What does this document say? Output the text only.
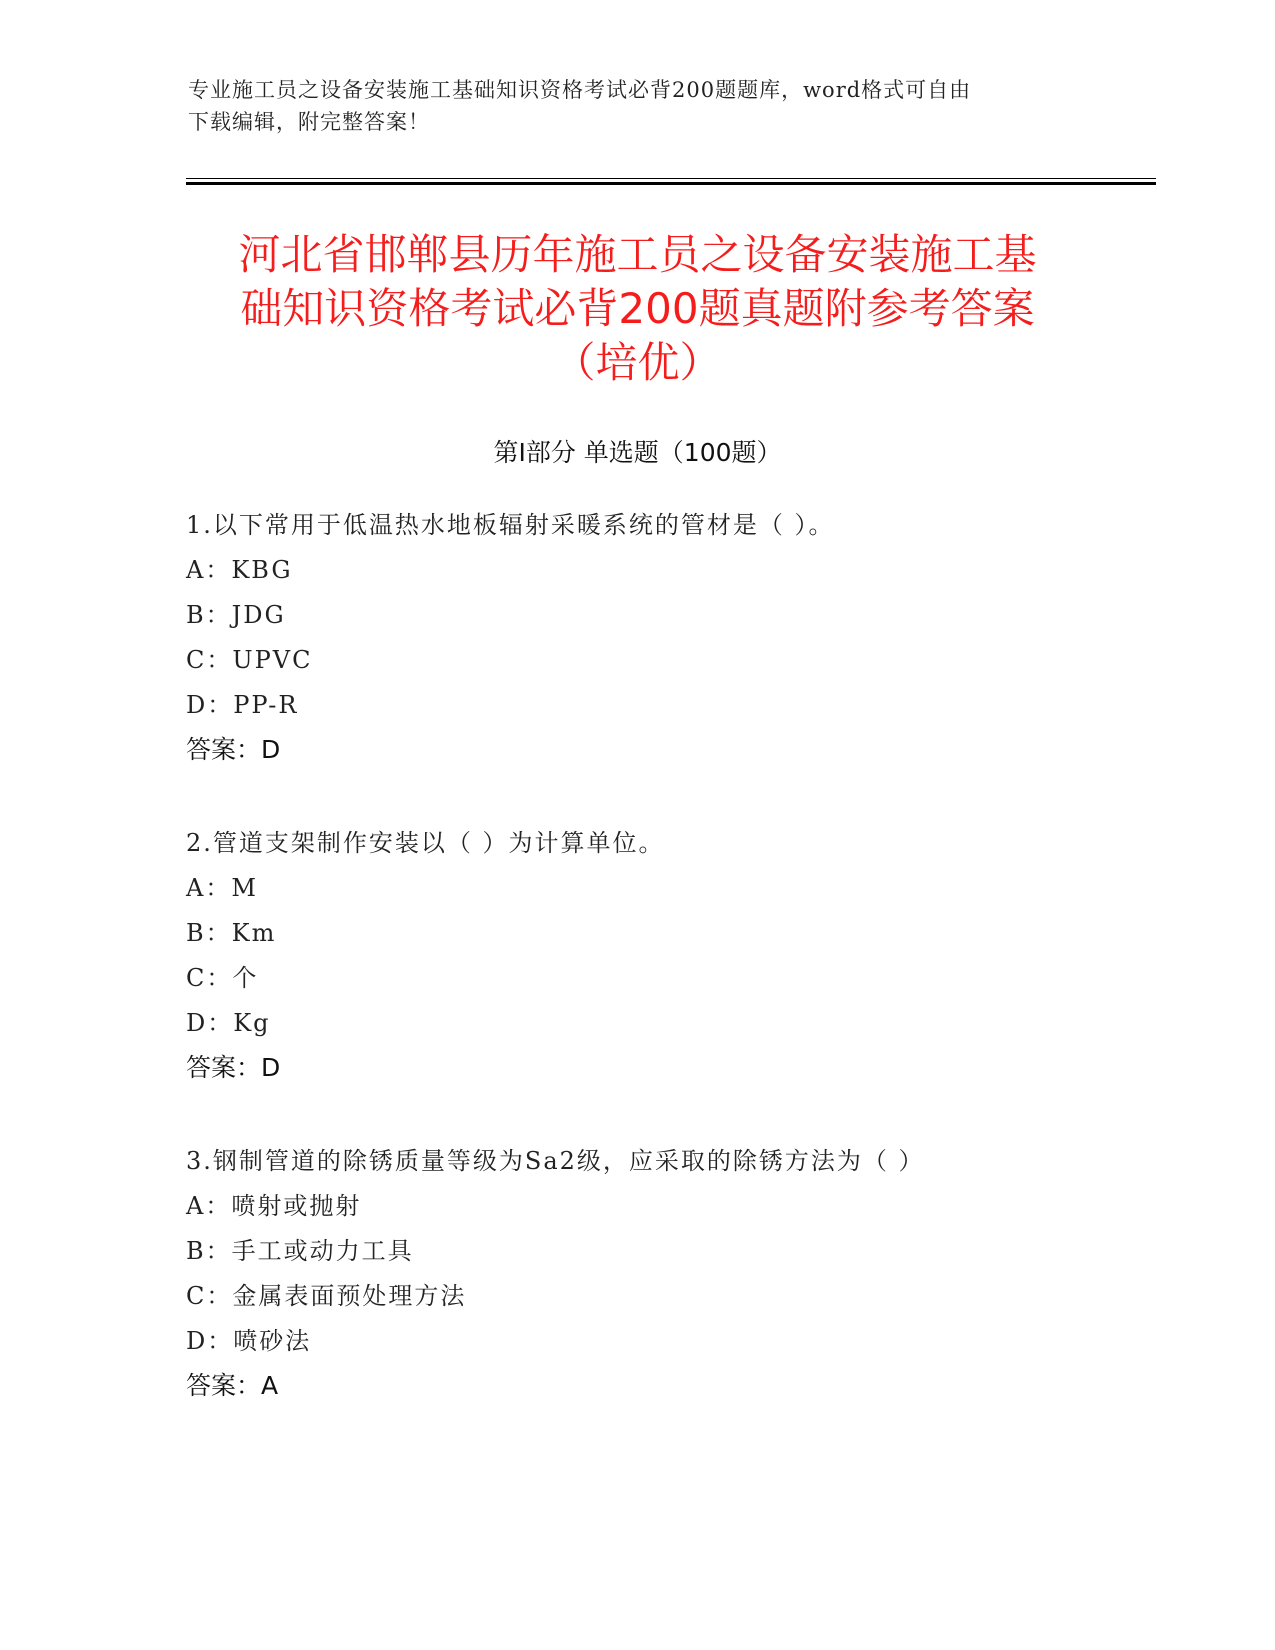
专业施工员之设备安装施工基础知识资格考试必背200题题库，word格式可自由
下载编辑，附完整答案！
河北省邯郸县历年施工员之设备安装施工基
础知识资格考试必背200题真题附参考答案
（培优）
第Ⅰ部分 单选题（100题）
1.以下常用于低温热水地板辐射采暖系统的管材是（ ）。
A：KBG
B：JDG
C：UPVC
D：PP-R
答案：D
2.管道支架制作安装以（ ）为计算单位。
A：M
B：Km
C：个
D：Kg
答案：D
3.钢制管道的除锈质量等级为Sa2级，应采取的除锈方法为（ ）
A：喷射或抛射
B：手工或动力工具
C：金属表面预处理方法
D：喷砂法
答案：A
